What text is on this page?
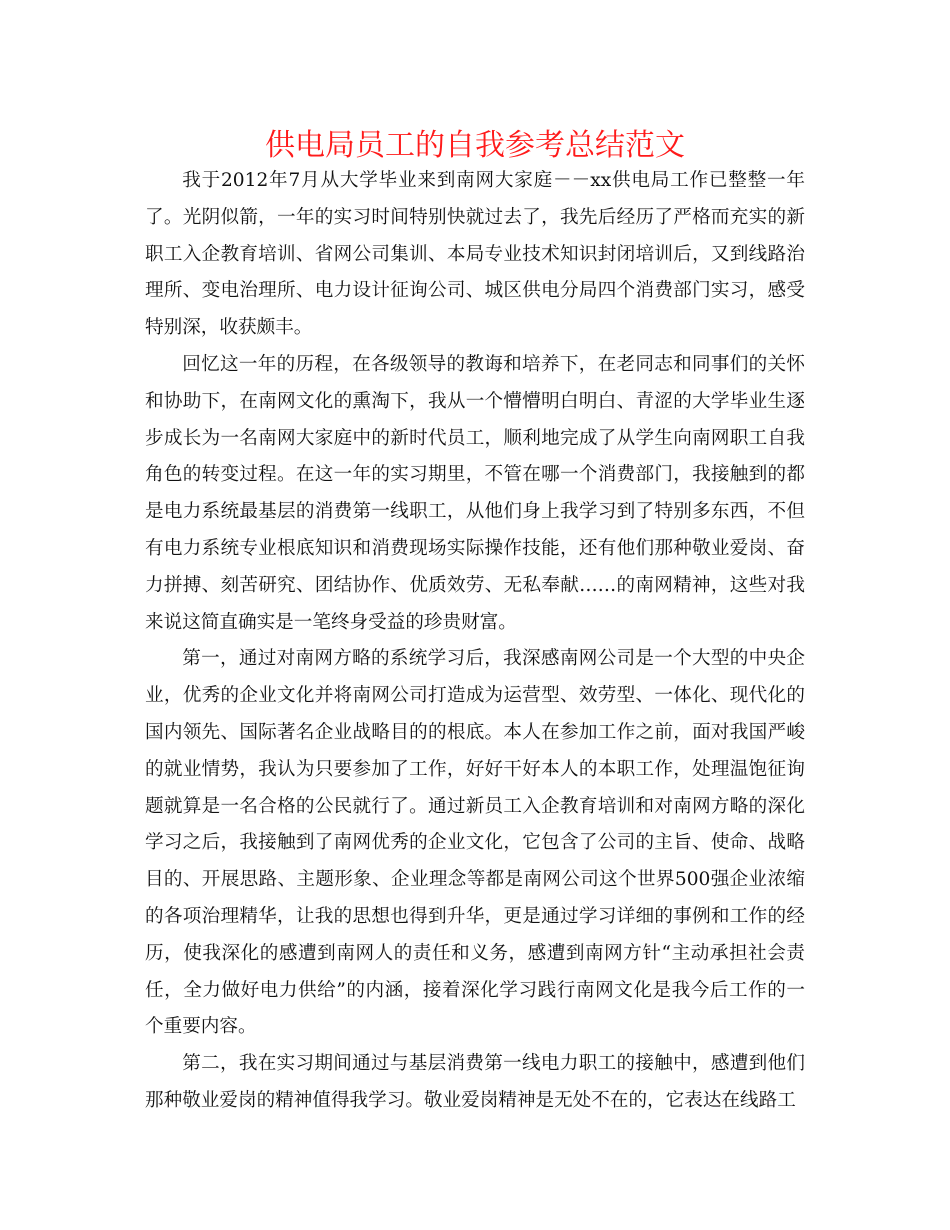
供电局员工的自我参考总结范文

我于2012年7月从大学毕业来到南网大家庭－－xx供电局工作已整整一年了。光阴似箭，一年的实习时间特别快就过去了，我先后经历了严格而充实的新职工入企教育培训、省网公司集训、本局专业技术知识封闭培训后，又到线路治理所、变电治理所、电力设计征询公司、城区供电分局四个消费部门实习，感受特别深，收获颇丰。

回忆这一年的历程，在各级领导的教诲和培养下，在老同志和同事们的关怀和协助下，在南网文化的熏淘下，我从一个懵懵明白明白、青涩的大学毕业生逐步成长为一名南网大家庭中的新时代员工，顺利地完成了从学生向南网职工自我角色的转变过程。在这一年的实习期里，不管在哪一个消费部门，我接触到的都是电力系统最基层的消费第一线职工，从他们身上我学习到了特别多东西，不但有电力系统专业根底知识和消费现场实际操作技能，还有他们那种敬业爱岗、奋力拼搏、刻苦研究、团结协作、优质效劳、无私奉献……的南网精神，这些对我来说这简直确实是一笔终身受益的珍贵财富。

第一，通过对南网方略的系统学习后，我深感南网公司是一个大型的中央企业，优秀的企业文化并将南网公司打造成为运营型、效劳型、一体化、现代化的国内领先、国际著名企业战略目的的根底。本人在参加工作之前，面对我国严峻的就业情势，我认为只要参加了工作，好好干好本人的本职工作，处理温饱征询题就算是一名合格的公民就行了。通过新员工入企教育培训和对南网方略的深化学习之后，我接触到了南网优秀的企业文化，它包含了公司的主旨、使命、战略目的、开展思路、主题形象、企业理念等都是南网公司这个世界500强企业浓缩的各项治理精华，让我的思想也得到升华，更是通过学习详细的事例和工作的经历，使我深化的感遭到南网人的责任和义务，感遭到南网方针“主动承担社会责任，全力做好电力供给”的内涵，接着深化学习践行南网文化是我今后工作的一个重要内容。

第二，我在实习期间通过与基层消费第一线电力职工的接触中，感遭到他们那种敬业爱岗的精神值得我学习。敬业爱岗精神是无处不在的，它表达在线路工
